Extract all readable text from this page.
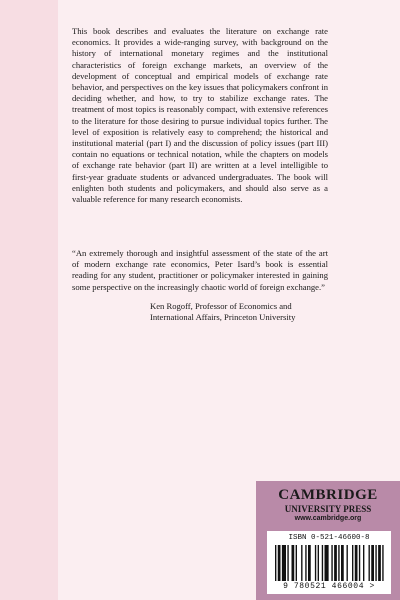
This book describes and evaluates the literature on exchange rate economics. It provides a wide-ranging survey, with background on the history of international monetary regimes and the institutional characteristics of foreign exchange markets, an overview of the development of conceptual and empirical models of exchange rate behavior, and perspectives on the key issues that policymakers confront in deciding whether, and how, to try to stabilize exchange rates. The treatment of most topics is reasonably compact, with extensive references to the literature for those desiring to pursue individual topics further. The level of exposition is relatively easy to comprehend; the historical and institutional material (part I) and the discussion of policy issues (part III) contain no equations or technical notation, while the chapters on models of exchange rate behavior (part II) are written at a level intelligible to first-year graduate students or advanced undergraduates. The book will enlighten both students and policymakers, and should also serve as a valuable reference for many research economists.

“An extremely thorough and insightful assessment of the state of the art of modern exchange rate economics, Peter Isard’s book is essential reading for any student, practitioner or policymaker interested in gaining some perspective on the increasingly chaotic world of foreign exchange.”

Ken Rogoff, Professor of Economics and
International Affairs, Princeton University
CAMBRIDGE
UNIVERSITY PRESS
www.cambridge.org
ISBN 0-521-46600-8
9 780521 466004 >
